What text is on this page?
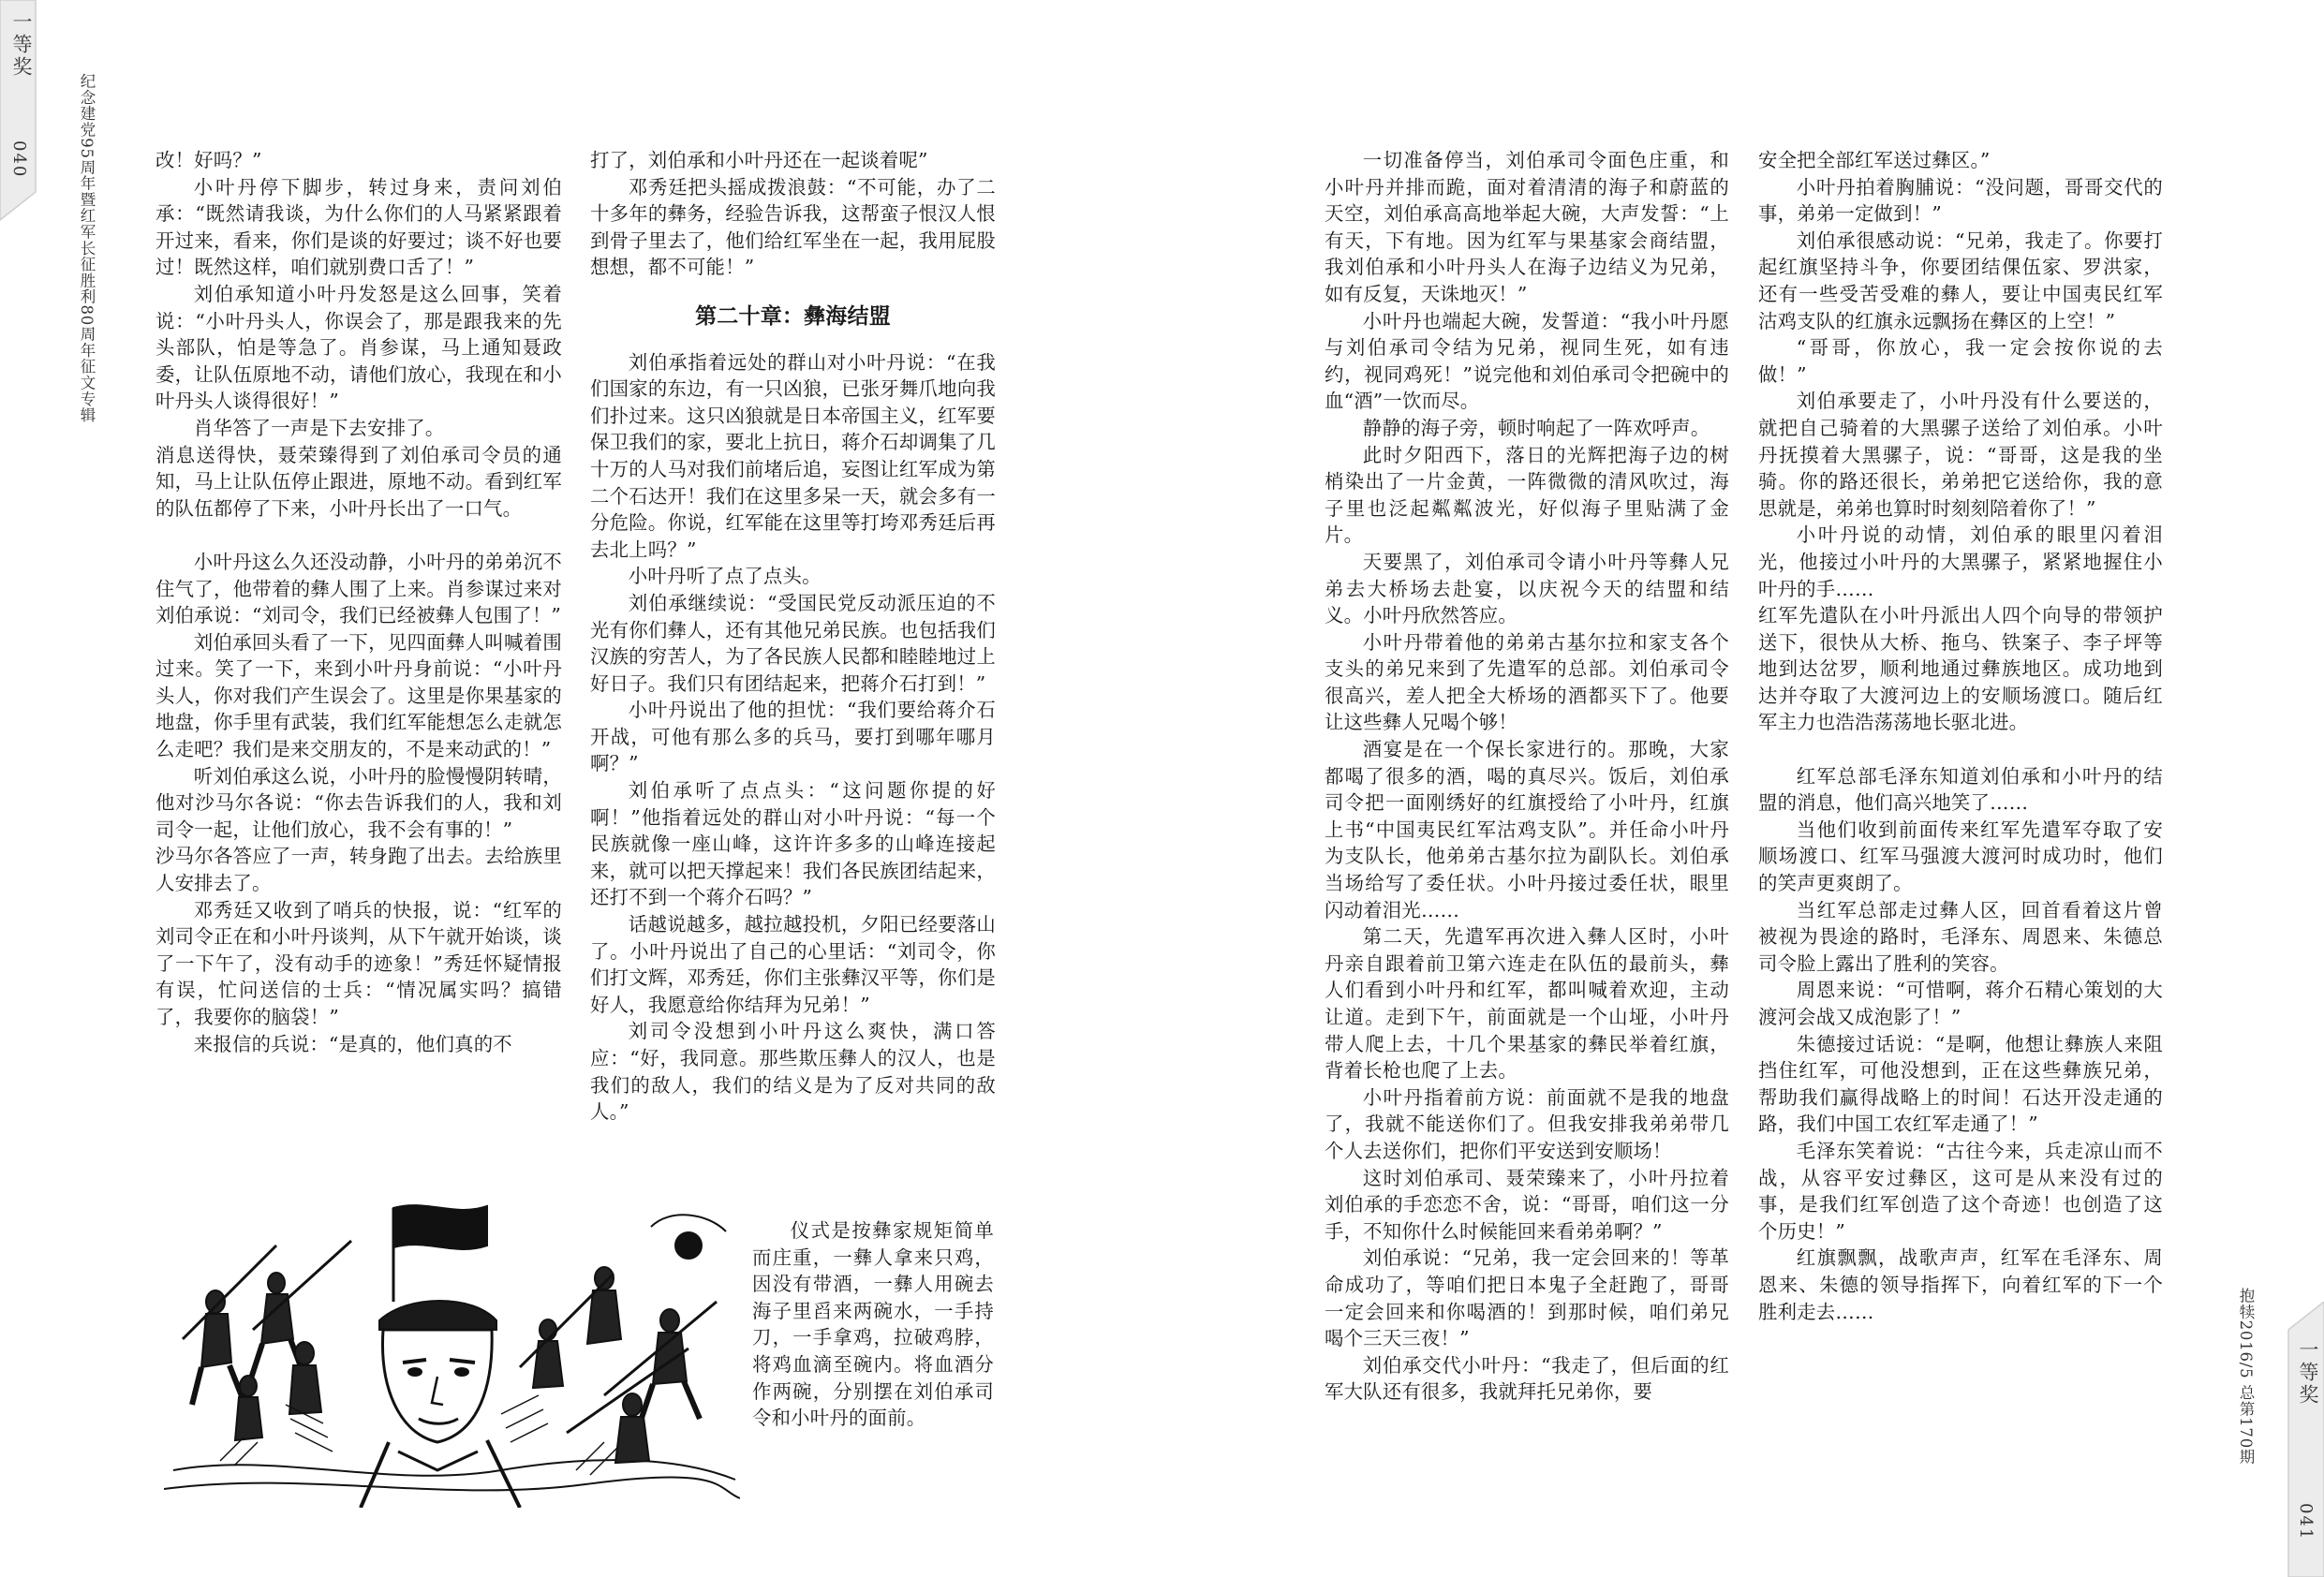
一等奖
040	纪念建党95周年暨红军长征胜利80周年征文专辑	改！好吗？”

小叶丹停下脚步，转过身来，责问刘伯承：“既然请我谈，为什么你们的人马紧紧跟着开过来，看来，你们是谈的好要过；谈不好也要过！既然这样，咱们就别费口舌了！”

刘伯承知道小叶丹发怒是这么回事，笑着说：“小叶丹头人，你误会了，那是跟我来的先头部队，怕是等急了。肖参谋，马上通知聂政委，让队伍原地不动，请他们放心，我现在和小叶丹头人谈得很好！”

肖华答了一声是下去安排了。

消息送得快，聂荣臻得到了刘伯承司令员的通知，马上让队伍停止跟进，原地不动。看到红军的队伍都停了下来，小叶丹长出了一口气。

小叶丹这么久还没动静，小叶丹的弟弟沉不住气了，他带着的彝人围了上来。肖参谋过来对刘伯承说：“刘司令，我们已经被彝人包围了！”

刘伯承回头看了一下，见四面彝人叫喊着围过来。笑了一下，来到小叶丹身前说：“小叶丹头人，你对我们产生误会了。这里是你果基家的地盘，你手里有武装，我们红军能想怎么走就怎么走吧？我们是来交朋友的，不是来动武的！”

听刘伯承这么说，小叶丹的脸慢慢阴转晴，他对沙马尔各说：“你去告诉我们的人，我和刘司令一起，让他们放心，我不会有事的！”

沙马尔各答应了一声，转身跑了出去。去给族里人安排去了。

邓秀廷又收到了哨兵的快报，说：“红军的刘司令正在和小叶丹谈判，从下午就开始谈，谈了一下午了，没有动手的迹象！”秀廷怀疑情报有误，忙问送信的士兵：“情况属实吗？搞错了，我要你的脑袋！”

来报信的兵说：“是真的，他们真的不

打了，刘伯承和小叶丹还在一起谈着呢”

邓秀廷把头摇成拨浪鼓：“不可能，办了二十多年的彝务，经验告诉我，这帮蛮子恨汉人恨到骨子里去了，他们给红军坐在一起，我用屁股想想，都不可能！”

第二十章：彝海结盟

刘伯承指着远处的群山对小叶丹说：“在我们国家的东边，有一只凶狼，已张牙舞爪地向我们扑过来。这只凶狼就是日本帝国主义，红军要保卫我们的家，要北上抗日，蒋介石却调集了几十万的人马对我们前堵后追，妄图让红军成为第二个石达开！我们在这里多呆一天，就会多有一分危险。你说，红军能在这里等打垮邓秀廷后再去北上吗？”

小叶丹听了点了点头。

刘伯承继续说：“受国民党反动派压迫的不光有你们彝人，还有其他兄弟民族。也包括我们汉族的穷苦人，为了各民族人民都和睦睦地过上好日子。我们只有团结起来，把蒋介石打到！”

小叶丹说出了他的担忧：“我们要给蒋介石开战，可他有那么多的兵马，要打到哪年哪月啊？”

刘伯承听了点点头：“这问题你提的好啊！”他指着远处的群山对小叶丹说：“每一个民族就像一座山峰，这许许多多的山峰连接起来，就可以把天撑起来！我们各民族团结起来，还打不到一个蒋介石吗？”

话越说越多，越拉越投机，夕阳已经要落山了。小叶丹说出了自己的心里话：“刘司令，你们打文辉，邓秀廷，你们主张彝汉平等，你们是好人，我愿意给你结拜为兄弟！”

刘司令没想到小叶丹这么爽快，满口答应：“好，我同意。那些欺压彝人的汉人，也是我们的敌人，我们的结义是为了反对共同的敌人。”

仪式是按彝家规矩简单而庄重，一彝人拿来只鸡，因没有带酒，一彝人用碗去海子里舀来两碗水，一手持刀，一手拿鸡，拉破鸡脖，将鸡血滴至碗内。将血酒分作两碗，分别摆在刘伯承司令和小叶丹的面前。

一切准备停当，刘伯承司令面色庄重，和小叶丹并排而跪，面对着清清的海子和蔚蓝的天空，刘伯承高高地举起大碗，大声发誓：“上有天，下有地。因为红军与果基家会商结盟，我刘伯承和小叶丹头人在海子边结义为兄弟，如有反复，天诛地灭！”

小叶丹也端起大碗，发誓道：“我小叶丹愿与刘伯承司令结为兄弟，视同生死，如有违约，视同鸡死！”说完他和刘伯承司令把碗中的血“酒”一饮而尽。

静静的海子旁，顿时响起了一阵欢呼声。

此时夕阳西下，落日的光辉把海子边的树梢染出了一片金黄，一阵微微的清风吹过，海子里也泛起粼粼波光，好似海子里贴满了金片。

天要黑了，刘伯承司令请小叶丹等彝人兄弟去大桥场去赴宴，以庆祝今天的结盟和结义。小叶丹欣然答应。

小叶丹带着他的弟弟古基尔拉和家支各个支头的弟兄来到了先遣军的总部。刘伯承司令很高兴，差人把全大桥场的酒都买下了。他要让这些彝人兄喝个够！

酒宴是在一个保长家进行的。那晚，大家都喝了很多的酒，喝的真尽兴。饭后，刘伯承司令把一面刚绣好的红旗授给了小叶丹，红旗上书“中国夷民红军沽鸡支队”。并任命小叶丹为支队长，他弟弟古基尔拉为副队长。刘伯承当场给写了委任状。小叶丹接过委任状，眼里闪动着泪光……

第二天，先遣军再次进入彝人区时，小叶丹亲自跟着前卫第六连走在队伍的最前头，彝人们看到小叶丹和红军，都叫喊着欢迎，主动让道。走到下午，前面就是一个山垭，小叶丹带人爬上去，十几个果基家的彝民举着红旗，背着长枪也爬了上去。

小叶丹指着前方说：前面就不是我的地盘了，我就不能送你们了。但我安排我弟弟带几个人去送你们，把你们平安送到安顺场！

这时刘伯承司、聂荣臻来了，小叶丹拉着刘伯承的手恋恋不舍，说：“哥哥，咱们这一分手，不知你什么时候能回来看弟弟啊？”

刘伯承说：“兄弟，我一定会回来的！等革命成功了，等咱们把日本鬼子全赶跑了，哥哥一定会回来和你喝酒的！到那时候，咱们弟兄喝个三天三夜！”

刘伯承交代小叶丹：“我走了，但后面的红军大队还有很多，我就拜托兄弟你，要

安全把全部红军送过彝区。”

小叶丹拍着胸脯说：“没问题，哥哥交代的事，弟弟一定做到！”

刘伯承很感动说：“兄弟，我走了。你要打起红旗坚持斗争，你要团结倮伍家、罗洪家，还有一些受苦受难的彝人，要让中国夷民红军沽鸡支队的红旗永远飘扬在彝区的上空！”

“哥哥，你放心，我一定会按你说的去做！”

刘伯承要走了，小叶丹没有什么要送的，就把自己骑着的大黑骡子送给了刘伯承。小叶丹抚摸着大黑骡子，说：“哥哥，这是我的坐骑。你的路还很长，弟弟把它送给你，我的意思就是，弟弟也算时时刻刻陪着你了！”

小叶丹说的动情，刘伯承的眼里闪着泪光，他接过小叶丹的大黑骡子，紧紧地握住小叶丹的手……

红军先遣队在小叶丹派出人四个向导的带领护送下，很快从大桥、拖乌、铁案子、李子坪等地到达岔罗，顺利地通过彝族地区。成功地到达并夺取了大渡河边上的安顺场渡口。随后红军主力也浩浩荡荡地长驱北进。

红军总部毛泽东知道刘伯承和小叶丹的结盟的消息，他们高兴地笑了……

当他们收到前面传来红军先遣军夺取了安顺场渡口、红军马强渡大渡河时成功时，他们的笑声更爽朗了。

当红军总部走过彝人区，回首看着这片曾被视为畏途的路时，毛泽东、周恩来、朱德总司令脸上露出了胜利的笑容。

周恩来说：“可惜啊，蒋介石精心策划的大渡河会战又成泡影了！”

朱德接过话说：“是啊，他想让彝族人来阻挡住红军，可他没想到，正在这些彝族兄弟，帮助我们赢得战略上的时间！石达开没走通的路，我们中国工农红军走通了！”

毛泽东笑着说：“古往今来，兵走凉山而不战，从容平安过彝区，这可是从来没有过的事，是我们红军创造了这个奇迹！也创造了这个历史！”

红旗飘飘，战歌声声，红军在毛泽东、周恩来、朱德的领导指挥下，向着红军的下一个胜利走去……	抱犊2016/5 总第170期 一等奖
041
